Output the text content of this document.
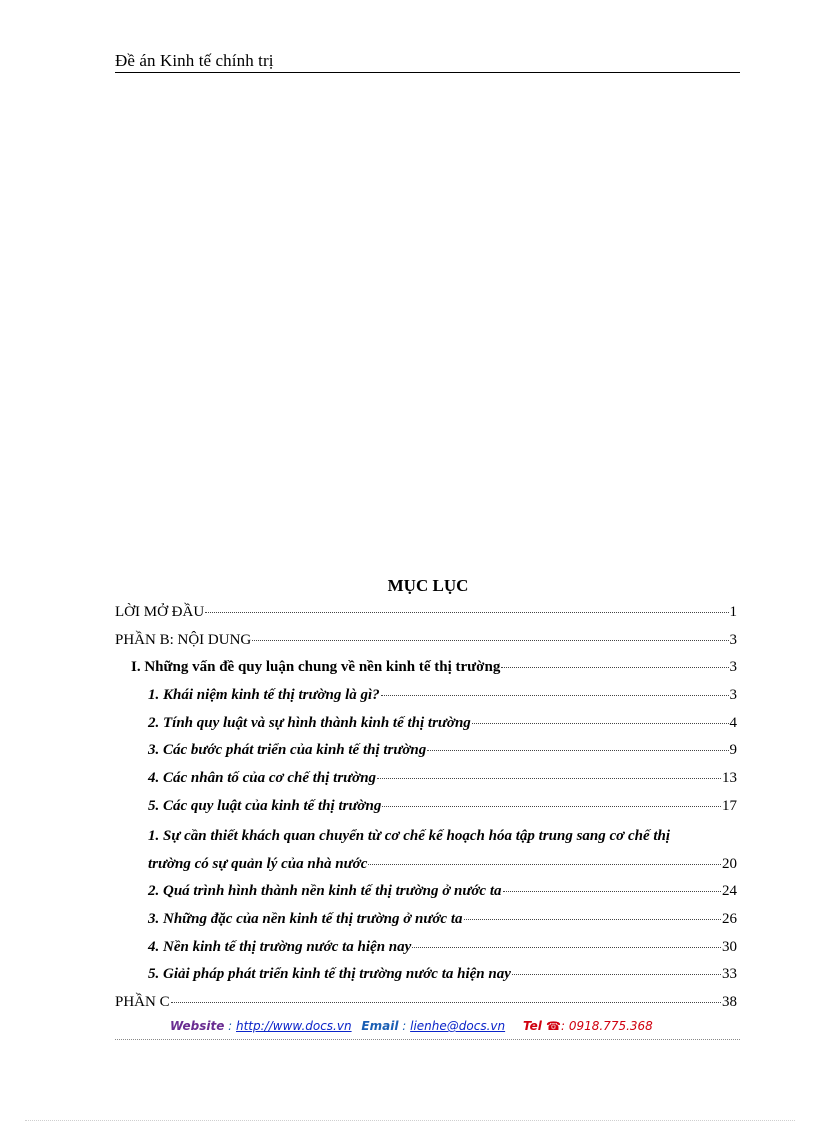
Đề án Kinh tế chính trị
MỤC LỤC
LỜI MỞ ĐẦU	1
PHẦN B: NỘI DUNG	3
I. Những vấn đề quy luận chung về nền kinh tế thị trường	3
1. Khái niệm kinh tế thị trường là gì?	3
2. Tính quy luật và sự hình thành kinh tế thị trường	4
3. Các bước phát triển của kinh tế thị trường	9
4. Các nhân tố của cơ chế thị trường	13
5. Các quy luật của kinh tế thị trường	17
1. Sự cần thiết khách quan chuyển từ cơ chế kế hoạch hóa tập trung sang cơ chế thị
trường có sự quản lý của nhà nước	20
2. Quá trình hình thành nền kinh tế thị trường ở nước ta	24
3. Những đặc của nền kinh tế thị trường ở nước ta	26
4. Nền kinh tế thị trường nước ta hiện nay	30
5. Giải pháp phát triển kinh tế thị trường nước ta hiện nay	33
PHẦN C	38
Website : http://www.docs.vn Email : lienhe@docs.vn Tel ☎: 0918.775.368
